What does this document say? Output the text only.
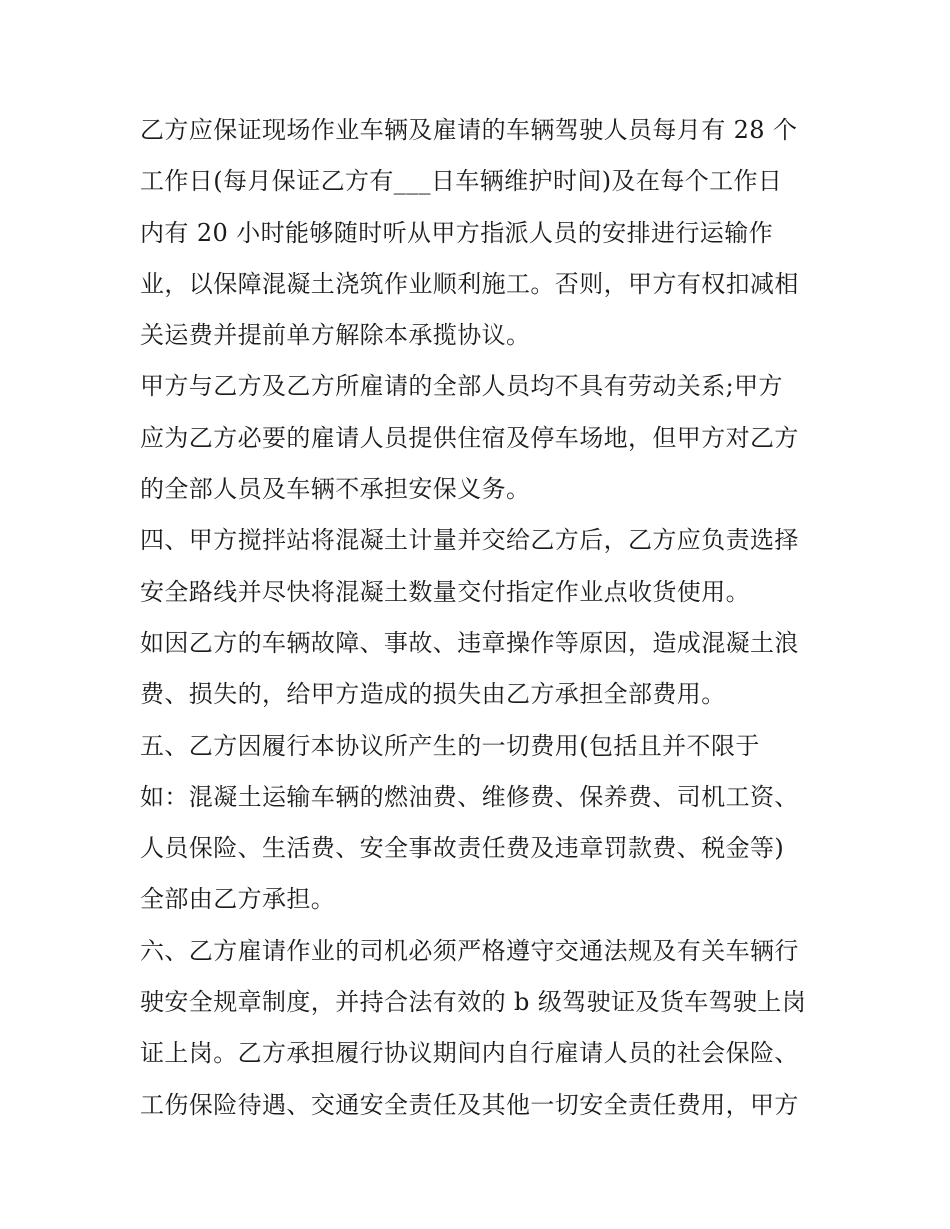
乙方应保证现场作业车辆及雇请的车辆驾驶人员每月有 28 个
工作日(每月保证乙方有___日车辆维护时间)及在每个工作日
内有 20 小时能够随时听从甲方指派人员的安排进行运输作
业，以保障混凝土浇筑作业顺利施工。否则，甲方有权扣减相
关运费并提前单方解除本承揽协议。
甲方与乙方及乙方所雇请的全部人员均不具有劳动关系;甲方
应为乙方必要的雇请人员提供住宿及停车场地，但甲方对乙方
的全部人员及车辆不承担安保义务。
四、甲方搅拌站将混凝土计量并交给乙方后，乙方应负责选择
安全路线并尽快将混凝土数量交付指定作业点收货使用。
如因乙方的车辆故障、事故、违章操作等原因，造成混凝土浪
费、损失的，给甲方造成的损失由乙方承担全部费用。
五、乙方因履行本协议所产生的一切费用(包括且并不限于
如：混凝土运输车辆的燃油费、维修费、保养费、司机工资、
人员保险、生活费、安全事故责任费及违章罚款费、税金等)
全部由乙方承担。
六、乙方雇请作业的司机必须严格遵守交通法规及有关车辆行
驶安全规章制度，并持合法有效的 b 级驾驶证及货车驾驶上岗
证上岗。乙方承担履行协议期间内自行雇请人员的社会保险、
工伤保险待遇、交通安全责任及其他一切安全责任费用，甲方
